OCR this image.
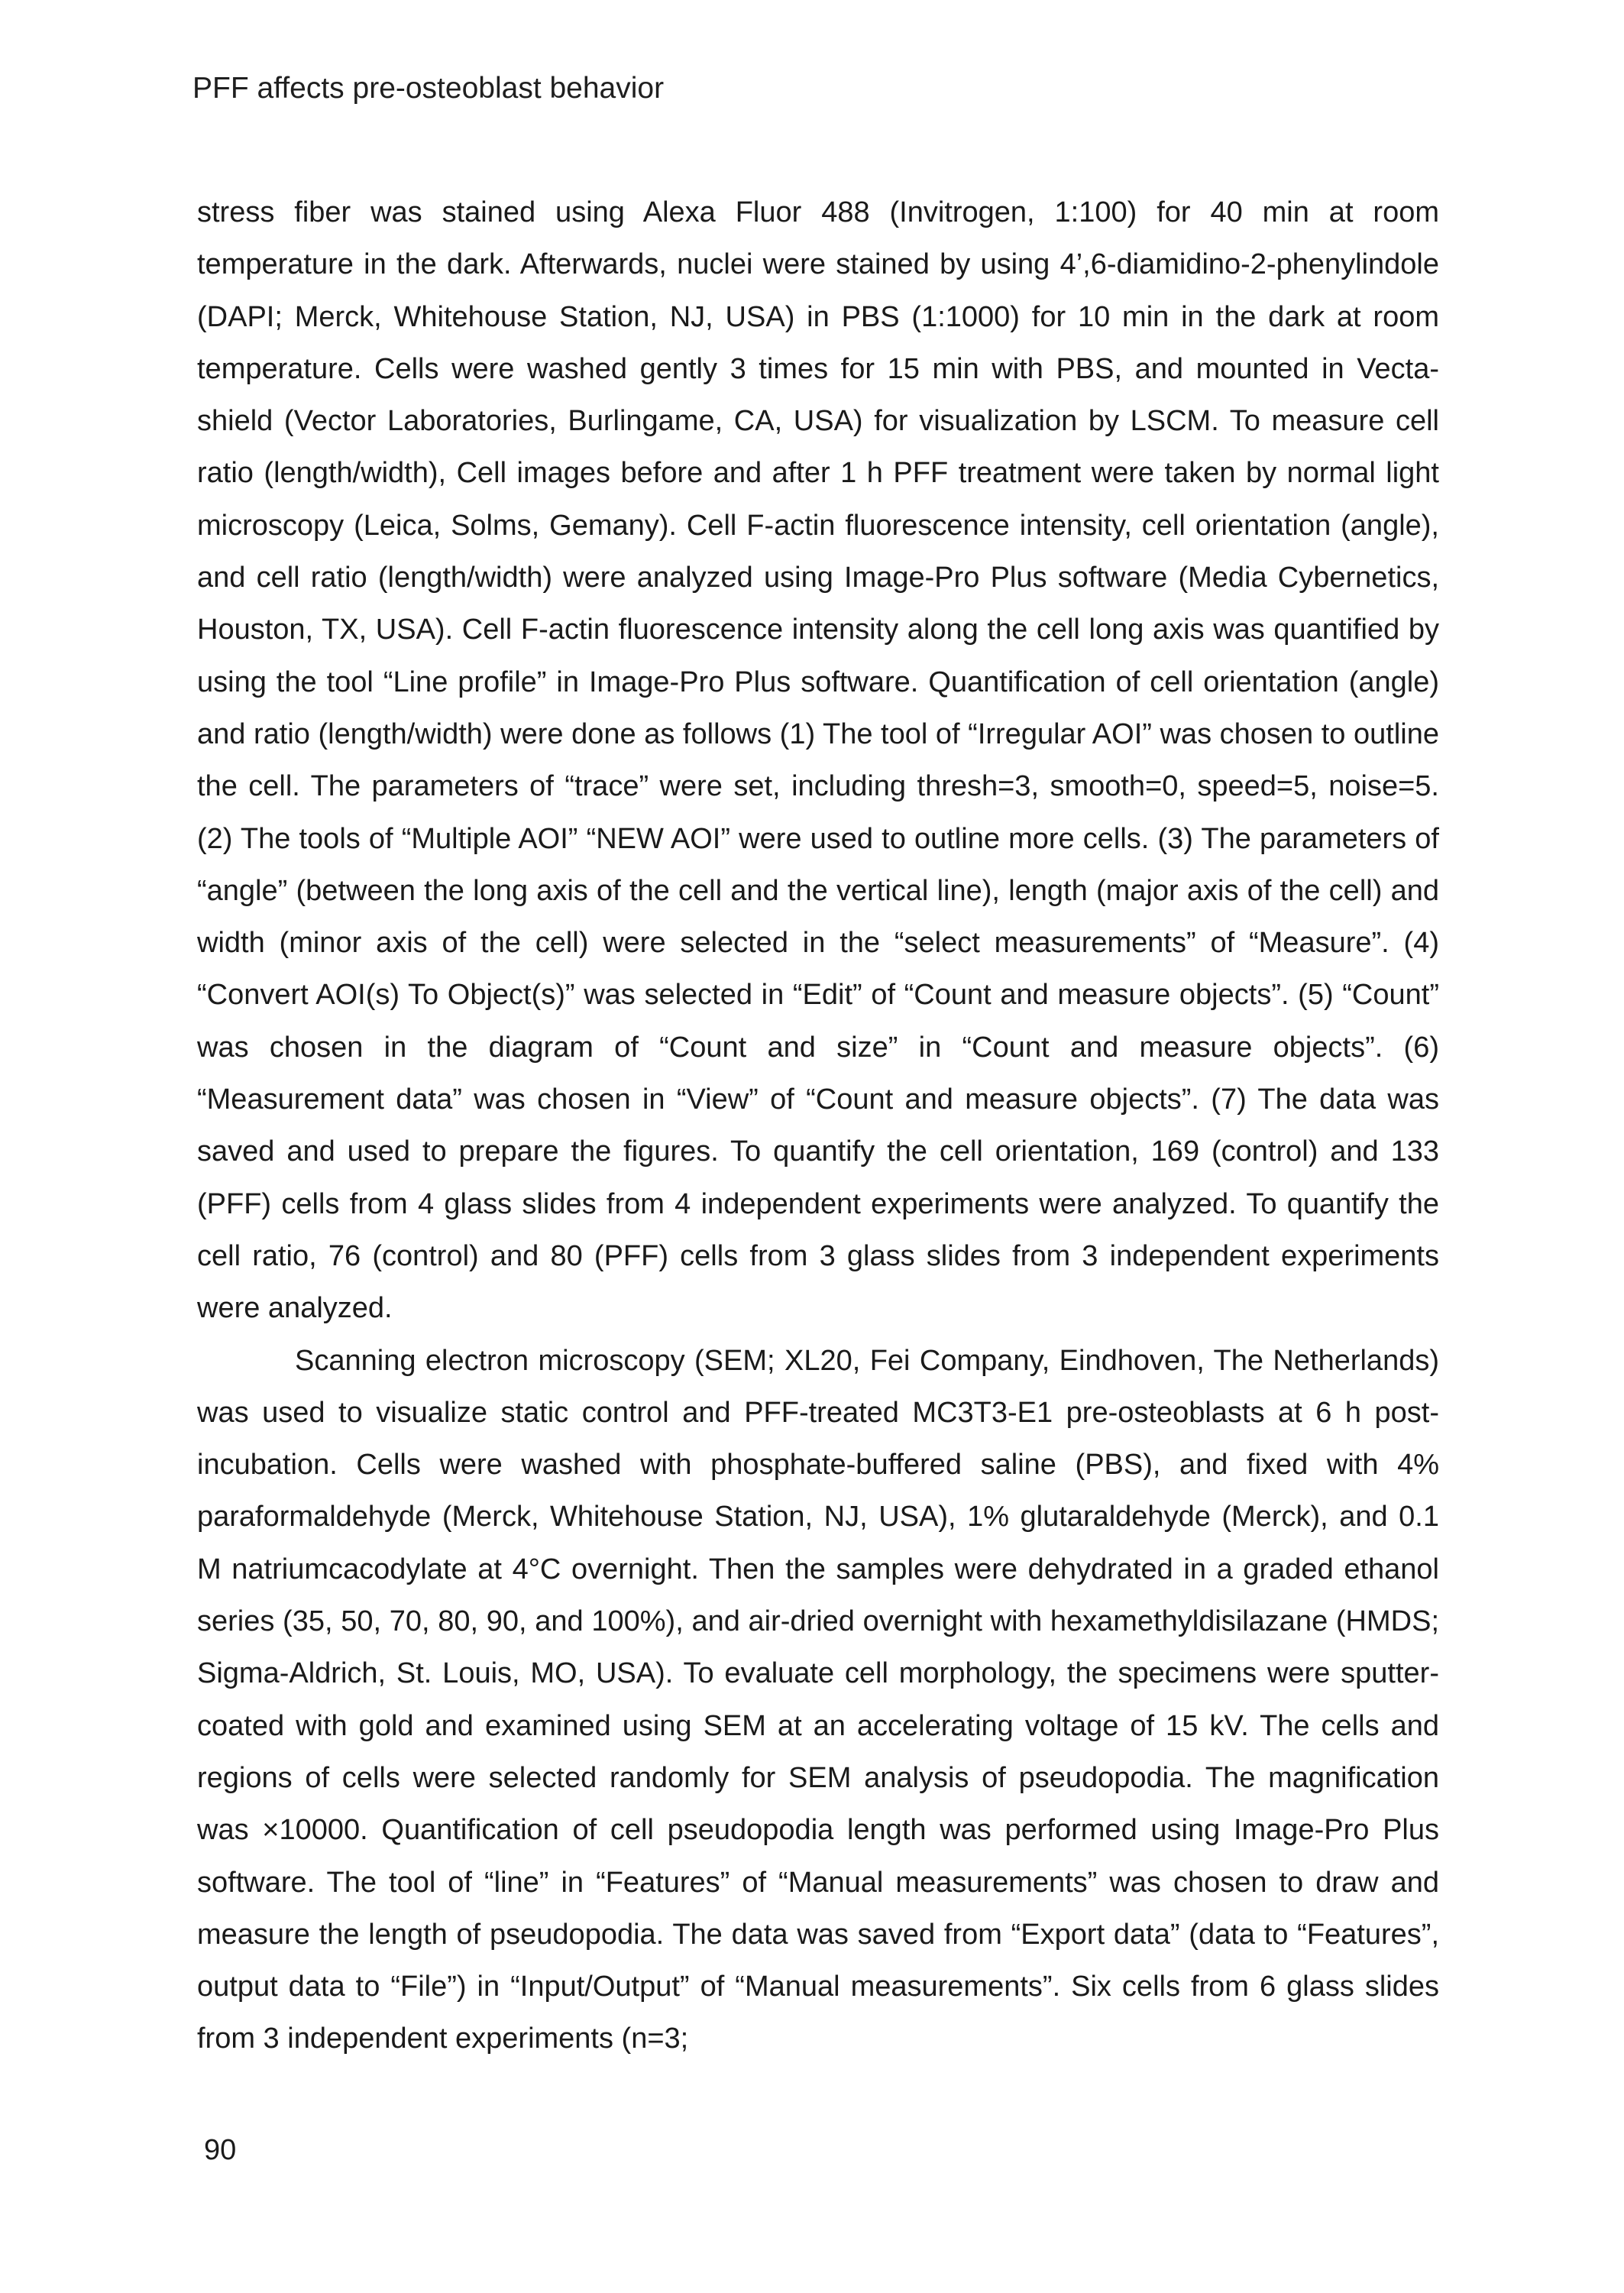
PFF affects pre-osteoblast behavior

stress fiber was stained using Alexa Fluor 488 (Invitrogen, 1:100) for 40 min at room temperature in the dark. Afterwards, nuclei were stained by using 4’,6-diamidino-2-phenylindole (DAPI; Merck, Whitehouse Station, NJ, USA) in PBS (1:1000) for 10 min in the dark at room temperature. Cells were washed gently 3 times for 15 min with PBS, and mounted in Vecta-shield (Vector Laboratories, Burlingame, CA, USA) for visualization by LSCM. To measure cell ratio (length/width), Cell images before and after 1 h PFF treatment were taken by normal light microscopy (Leica, Solms, Gemany). Cell F-actin fluorescence intensity, cell orientation (angle), and cell ratio (length/width) were analyzed using Image-Pro Plus software (Media Cybernetics, Houston, TX, USA). Cell F-actin fluorescence intensity along the cell long axis was quantified by using the tool “Line profile” in Image-Pro Plus software. Quantification of cell orientation (angle) and ratio (length/width) were done as follows (1) The tool of “Irregular AOI” was chosen to outline the cell. The parameters of “trace” were set, including thresh=3, smooth=0, speed=5, noise=5. (2) The tools of “Multiple AOI” “NEW AOI” were used to outline more cells. (3) The parameters of “angle” (between the long axis of the cell and the vertical line), length (major axis of the cell) and width (minor axis of the cell) were selected in the “select measurements” of “Measure”. (4) “Convert AOI(s) To Object(s)” was selected in “Edit” of “Count and measure objects”. (5) “Count” was chosen in the diagram of “Count and size” in “Count and measure objects”. (6) “Measurement data” was chosen in “View” of “Count and measure objects”. (7) The data was saved and used to prepare the figures. To quantify the cell orientation, 169 (control) and 133 (PFF) cells from 4 glass slides from 4 independent experiments were analyzed. To quantify the cell ratio, 76 (control) and 80 (PFF) cells from 3 glass slides from 3 independent experiments were analyzed.

Scanning electron microscopy (SEM; XL20, Fei Company, Eindhoven, The Netherlands) was used to visualize static control and PFF-treated MC3T3-E1 pre-osteoblasts at 6 h post-incubation. Cells were washed with phosphate-buffered saline (PBS), and fixed with 4% paraformaldehyde (Merck, Whitehouse Station, NJ, USA), 1% glutaraldehyde (Merck), and 0.1 M natriumcacodylate at 4°C overnight. Then the samples were dehydrated in a graded ethanol series (35, 50, 70, 80, 90, and 100%), and air-dried overnight with hexamethyldisilazane (HMDS; Sigma-Aldrich, St. Louis, MO, USA). To evaluate cell morphology, the specimens were sputter-coated with gold and examined using SEM at an accelerating voltage of 15 kV. The cells and regions of cells were selected randomly for SEM analysis of pseudopodia. The magnification was ×10000. Quantification of cell pseudopodia length was performed using Image-Pro Plus software. The tool of “line” in “Features” of “Manual measurements” was chosen to draw and measure the length of pseudopodia. The data was saved from “Export data” (data to “Features”, output data to “File”) in “Input/Output” of “Manual measurements”. Six cells from 6 glass slides from 3 independent experiments (n=3;

90
